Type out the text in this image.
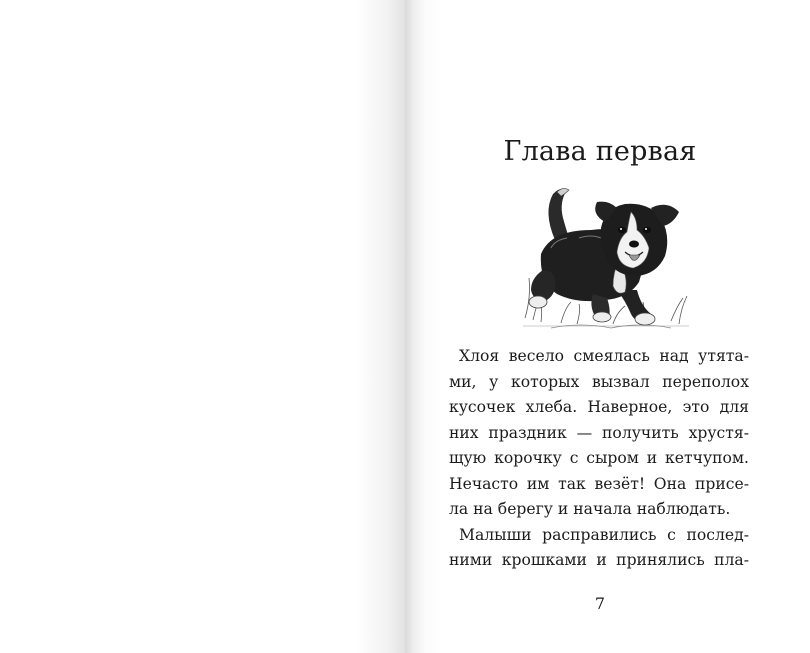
Глава первая
Хлоя весело смеялась над утята-
ми, у которых вызвал переполох
кусочек хлеба. Наверное, это для
них праздник — получить хрустя-
щую корочку с сыром и кетчупом.
Нечасто им так везёт! Она присе-
ла на берегу и начала наблюдать.
Малыши расправились с послед-
ними крошками и принялись пла-
7
